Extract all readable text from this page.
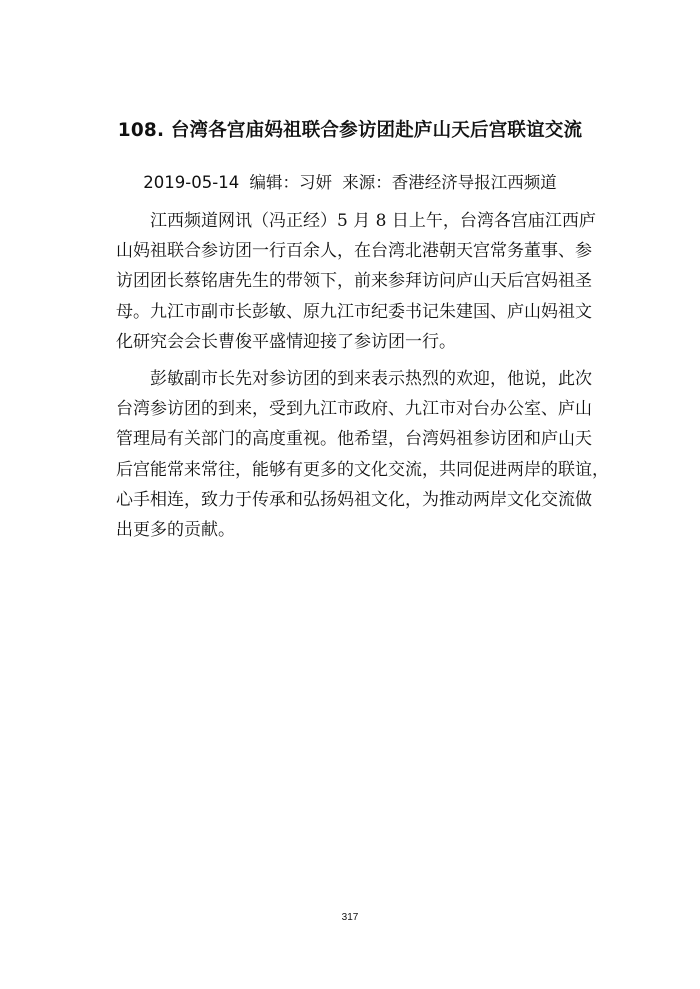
108. 台湾各宫庙妈祖联合参访团赴庐山天后宫联谊交流
2019-05-14 编辑：习妍 来源：香港经济导报江西频道

江西频道网讯（冯正经）5 月 8 日上午，台湾各宫庙江西庐
山妈祖联合参访团一行百余人，在台湾北港朝天宫常务董事、参
访团团长蔡铭唐先生的带领下，前来参拜访问庐山天后宫妈祖圣
母。九江市副市长彭敏、原九江市纪委书记朱建国、庐山妈祖文
化研究会会长曹俊平盛情迎接了参访团一行。

彭敏副市长先对参访团的到来表示热烈的欢迎，他说，此次
台湾参访团的到来，受到九江市政府、九江市对台办公室、庐山
管理局有关部门的高度重视。他希望，台湾妈祖参访团和庐山天
后宫能常来常往，能够有更多的文化交流，共同促进两岸的联谊，
心手相连，致力于传承和弘扬妈祖文化，为推动两岸文化交流做
出更多的贡献。

317
